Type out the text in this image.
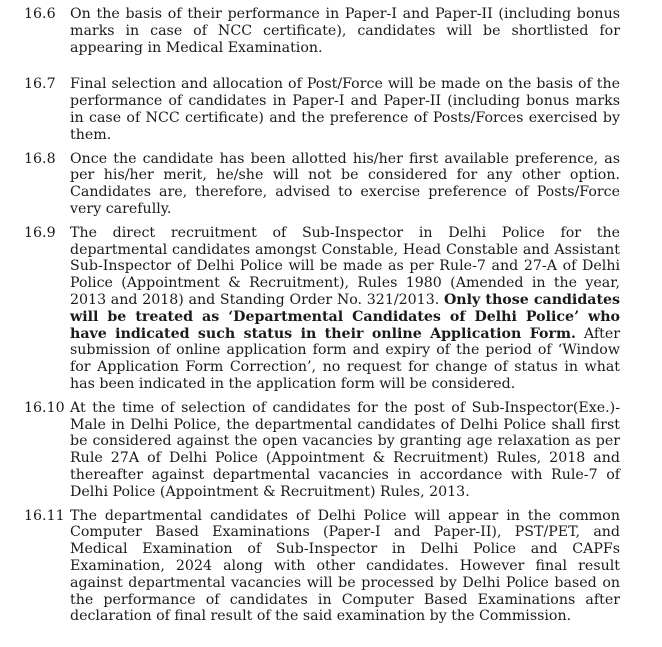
16.6	On the basis of their performance in Paper-I and Paper-II (including bonus marks in case of NCC certificate), candidates will be shortlisted for appearing in Medical Examination.
16.7	Final selection and allocation of Post/Force will be made on the basis of the performance of candidates in Paper-I and Paper-II (including bonus marks in case of NCC certificate) and the preference of Posts/Forces exercised by them.
16.8	Once the candidate has been allotted his/her first available preference, as per his/her merit, he/she will not be considered for any other option. Candidates are, therefore, advised to exercise preference of Posts/Force very carefully.
16.9	The direct recruitment of Sub-Inspector in Delhi Police for the departmental candidates amongst Constable, Head Constable and Assistant Sub-Inspector of Delhi Police will be made as per Rule-7 and 27-A of Delhi Police (Appointment & Recruitment), Rules 1980 (Amended in the year, 2013 and 2018) and Standing Order No. 321/2013. Only those candidates will be treated as ‘Departmental Candidates of Delhi Police’ who have indicated such status in their online Application Form. After submission of online application form and expiry of the period of ‘Window for Application Form Correction’, no request for change of status in what has been indicated in the application form will be considered.
16.10 At the time of selection of candidates for the post of Sub-Inspector(Exe.)-Male in Delhi Police, the departmental candidates of Delhi Police shall first be considered against the open vacancies by granting age relaxation as per Rule 27A of Delhi Police (Appointment & Recruitment) Rules, 2018 and thereafter against departmental vacancies in accordance with Rule-7 of Delhi Police (Appointment & Recruitment) Rules, 2013.
16.11 The departmental candidates of Delhi Police will appear in the common Computer Based Examinations (Paper-I and Paper-II), PST/PET, and Medical Examination of Sub-Inspector in Delhi Police and CAPFs Examination, 2024 along with other candidates. However final result against departmental vacancies will be processed by Delhi Police based on the performance of candidates in Computer Based Examinations after declaration of final result of the said examination by the Commission.
